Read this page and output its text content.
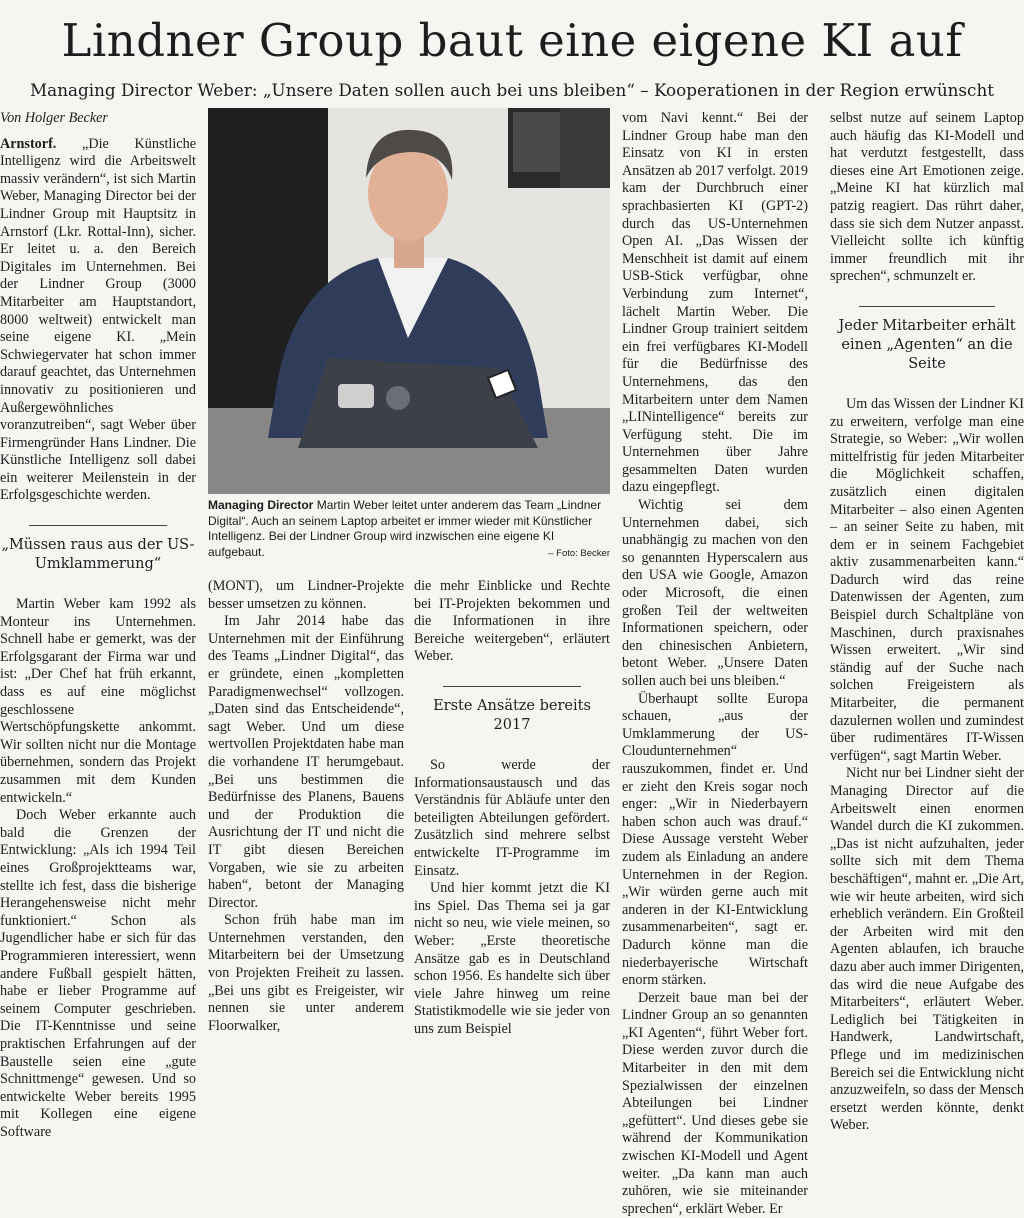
Lindner Group baut eine eigene KI auf

Managing Director Weber: „Unsere Daten sollen auch bei uns bleiben“ – Kooperationen in der Region erwünscht

Von Holger Becker

Arnstorf. „Die Künstliche Intelligenz wird die Arbeitswelt massiv verändern“, ist sich Martin Weber, Managing Director bei der Lindner Group mit Hauptsitz in Arnstorf (Lkr. Rottal-Inn), sicher. Er leitet u. a. den Bereich Digitales im Unternehmen. Bei der Lindner Group (3000 Mitarbeiter am Hauptstandort, 8000 weltweit) entwickelt man seine eigene KI. „Mein Schwiegervater hat schon immer darauf geachtet, das Unternehmen innovativ zu positionieren und Außergewöhnliches voranzutreiben“, sagt Weber über Firmengründer Hans Lindner. Die Künstliche Intelligenz soll dabei ein weiterer Meilenstein in der Erfolgsgeschichte werden.

„Müssen raus aus der US-Umklammerung“

Martin Weber kam 1992 als Monteur ins Unternehmen. Schnell habe er gemerkt, was der Erfolgsgarant der Firma war und ist: „Der Chef hat früh erkannt, dass es auf eine möglichst geschlossene Wertschöpfungskette ankommt. Wir sollten nicht nur die Montage übernehmen, sondern das Projekt zusammen mit dem Kunden entwickeln.“

Doch Weber erkannte auch bald die Grenzen der Entwicklung: „Als ich 1994 Teil eines Großprojektteams war, stellte ich fest, dass die bisherige Herangehensweise nicht mehr funktioniert.“ Schon als Jugendlicher habe er sich für das Programmieren interessiert, wenn andere Fußball gespielt hätten, habe er lieber Programme auf seinem Computer geschrieben. Die IT-Kenntnisse und seine praktischen Erfahrungen auf der Baustelle seien eine „gute Schnittmenge“ gewesen. Und so entwickelte Weber bereits 1995 mit Kollegen eine eigene Software

Managing Director Martin Weber leitet unter anderem das Team „Lindner Digital“. Auch an seinem Laptop arbeitet er immer wieder mit Künstlicher Intelligenz. Bei der Lindner Group wird inzwischen eine eigene KI aufgebaut.	– Foto: Becker

(MONT), um Lindner-Projekte besser umsetzen zu können.

Im Jahr 2014 habe das Unternehmen mit der Einführung des Teams „Lindner Digital“, das er gründete, einen „kompletten Paradigmenwechsel“ vollzogen. „Daten sind das Entscheidende“, sagt Weber. Und um diese wertvollen Projektdaten habe man die vorhandene IT herumgebaut. „Bei uns bestimmen die Bedürfnisse des Planens, Bauens und der Produktion die Ausrichtung der IT und nicht die IT gibt diesen Bereichen Vorgaben, wie sie zu arbeiten haben“, betont der Managing Director.

Schon früh habe man im Unternehmen verstanden, den Mitarbeitern bei der Umsetzung von Projekten Freiheit zu lassen. „Bei uns gibt es Freigeister, wir nennen sie unter anderem Floorwalker,

die mehr Einblicke und Rechte bei IT-Projekten bekommen und die Informationen in ihre Bereiche weitergeben“, erläutert Weber.

Erste Ansätze bereits 2017

So werde der Informationsaustausch und das Verständnis für Abläufe unter den beteiligten Abteilungen gefördert. Zusätzlich sind mehrere selbst entwickelte IT-Programme im Einsatz.

Und hier kommt jetzt die KI ins Spiel. Das Thema sei ja gar nicht so neu, wie viele meinen, so Weber: „Erste theoretische Ansätze gab es in Deutschland schon 1956. Es handelte sich über viele Jahre hinweg um reine Statistikmodelle wie sie jeder von uns zum Beispiel

vom Navi kennt.“ Bei der Lindner Group habe man den Einsatz von KI in ersten Ansätzen ab 2017 verfolgt. 2019 kam der Durchbruch einer sprachbasierten KI (GPT-2) durch das US-Unternehmen Open AI. „Das Wissen der Menschheit ist damit auf einem USB-Stick verfügbar, ohne Verbindung zum Internet“, lächelt Martin Weber. Die Lindner Group trainiert seitdem ein frei verfügbares KI-Modell für die Bedürfnisse des Unternehmens, das den Mitarbeitern unter dem Namen „LINintelligence“ bereits zur Verfügung steht. Die im Unternehmen über Jahre gesammelten Daten wurden dazu eingepflegt.

Wichtig sei dem Unternehmen dabei, sich unabhängig zu machen von den so genannten Hyperscalern aus den USA wie Google, Amazon oder Microsoft, die einen großen Teil der weltweiten Informationen speichern, oder den chinesischen Anbietern, betont Weber. „Unsere Daten sollen auch bei uns bleiben.“

Überhaupt sollte Europa schauen, „aus der Umklammerung der US-Cloudunternehmen“ rauszukommen, findet er. Und er zieht den Kreis sogar noch enger: „Wir in Niederbayern haben schon auch was drauf.“ Diese Aussage versteht Weber zudem als Einladung an andere Unternehmen in der Region. „Wir würden gerne auch mit anderen in der KI-Entwicklung zusammenarbeiten“, sagt er. Dadurch könne man die niederbayerische Wirtschaft enorm stärken.

Derzeit baue man bei der Lindner Group an so genannten „KI Agenten“, führt Weber fort. Diese werden zuvor durch die Mitarbeiter in den mit dem Spezialwissen der einzelnen Abteilungen bei Lindner „gefüttert“. Und dieses gebe sie während der Kommunikation zwischen KI-Modell und Agent weiter. „Da kann man auch zuhören, wie sie miteinander sprechen“, erklärt Weber. Er

selbst nutze auf seinem Laptop auch häufig das KI-Modell und hat verdutzt festgestellt, dass dieses eine Art Emotionen zeige. „Meine KI hat kürzlich mal patzig reagiert. Das rührt daher, dass sie sich dem Nutzer anpasst. Vielleicht sollte ich künftig immer freundlich mit ihr sprechen“, schmunzelt er.

Jeder Mitarbeiter erhält einen „Agenten“ an die Seite

Um das Wissen der Lindner KI zu erweitern, verfolge man eine Strategie, so Weber: „Wir wollen mittelfristig für jeden Mitarbeiter die Möglichkeit schaffen, zusätzlich einen digitalen Mitarbeiter – also einen Agenten – an seiner Seite zu haben, mit dem er in seinem Fachgebiet aktiv zusammenarbeiten kann.“ Dadurch wird das reine Datenwissen der Agenten, zum Beispiel durch Schaltpläne von Maschinen, durch praxisnahes Wissen erweitert. „Wir sind ständig auf der Suche nach solchen Freigeistern als Mitarbeiter, die permanent dazulernen wollen und zumindest über rudimentäres IT-Wissen verfügen“, sagt Martin Weber.

Nicht nur bei Lindner sieht der Managing Director auf die Arbeitswelt einen enormen Wandel durch die KI zukommen. „Das ist nicht aufzuhalten, jeder sollte sich mit dem Thema beschäftigen“, mahnt er. „Die Art, wie wir heute arbeiten, wird sich erheblich verändern. Ein Großteil der Arbeiten wird mit den Agenten ablaufen, ich brauche dazu aber auch immer Dirigenten, das wird die neue Aufgabe des Mitarbeiters“, erläutert Weber. Lediglich bei Tätigkeiten in Handwerk, Landwirtschaft, Pflege und im medizinischen Bereich sei die Entwicklung nicht anzuzweifeln, so dass der Mensch ersetzt werden könnte, denkt Weber.
